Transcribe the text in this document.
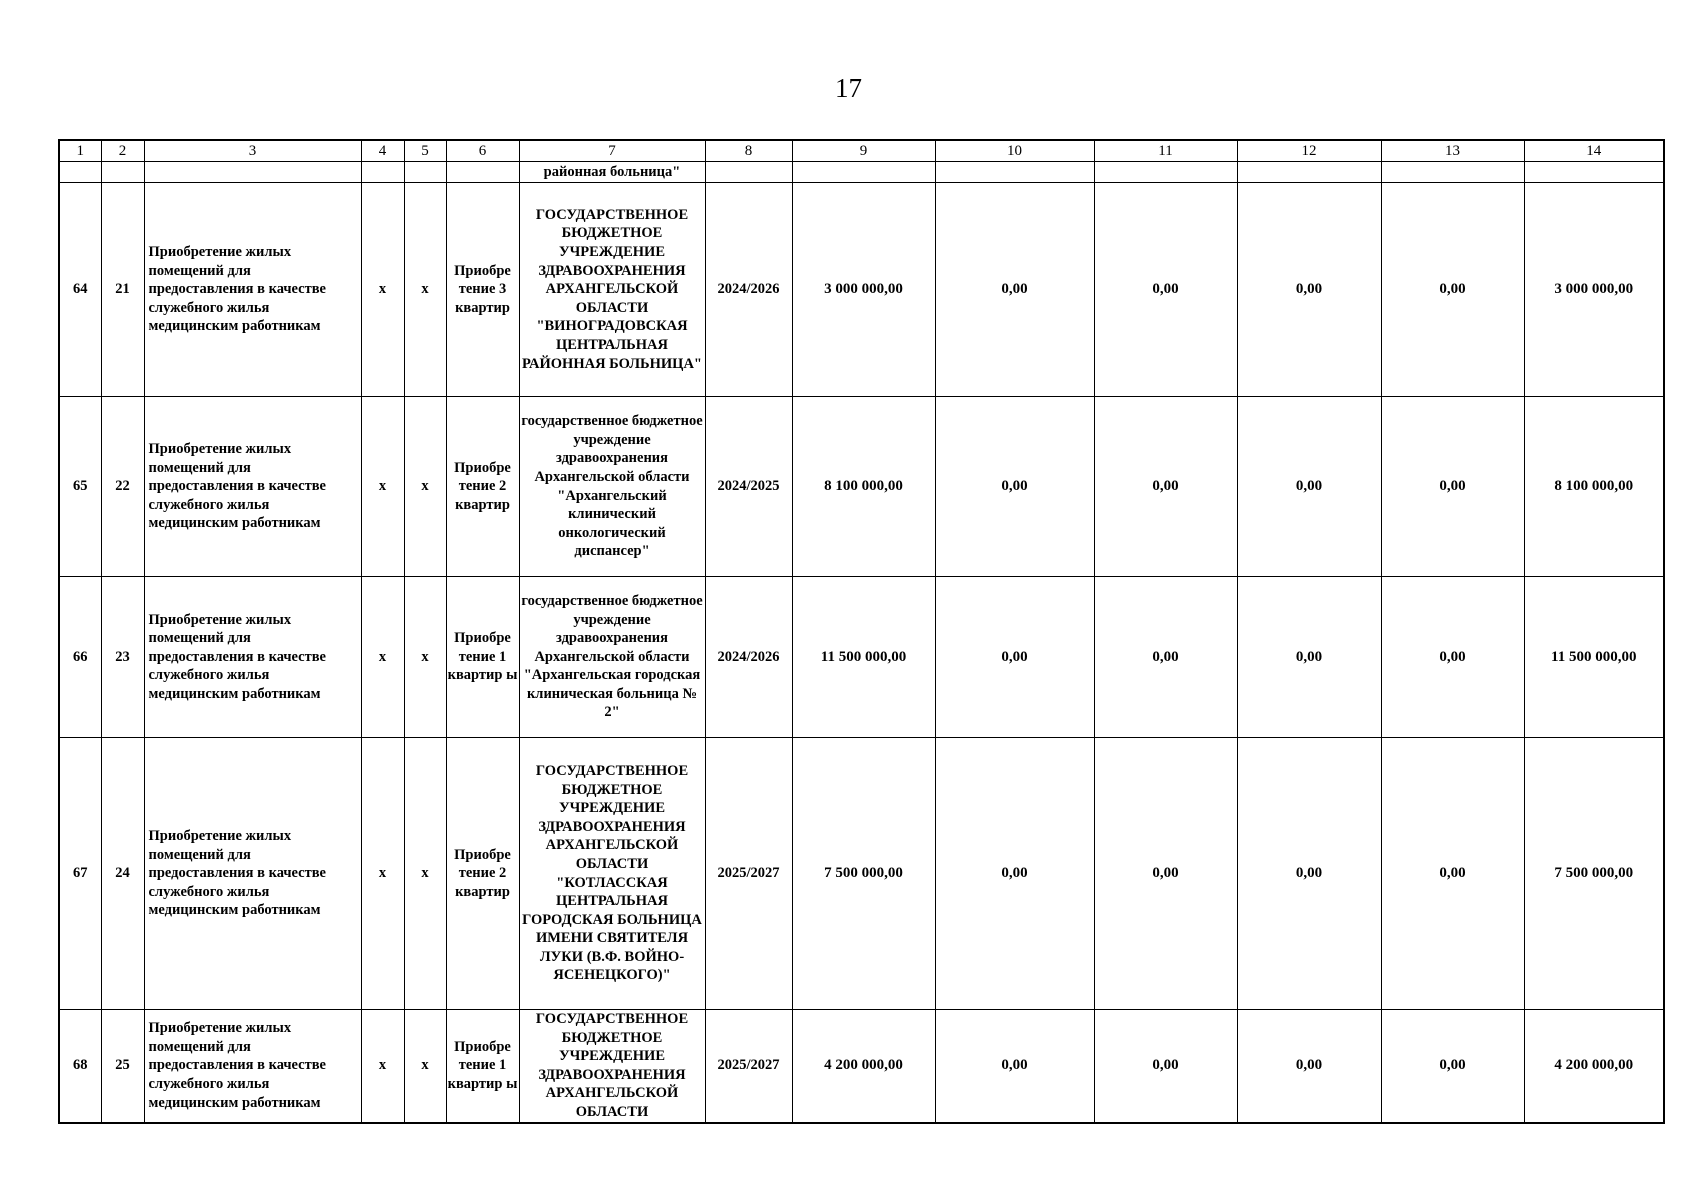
17
1	2	3	4	5	6	7	8	9	10	11	12	13	14
						районная больница"							
64	21	Приобретение жилых помещений для предоставления в качестве служебного жилья медицинским работникам	х	х	Приобре тение 3 квартир	ГОСУДАРСТВЕННОЕ БЮДЖЕТНОЕ УЧРЕЖДЕНИЕ ЗДРАВООХРАНЕНИЯ АРХАНГЕЛЬСКОЙ ОБЛАСТИ "ВИНОГРАДОВСКАЯ ЦЕНТРАЛЬНАЯ РАЙОННАЯ БОЛЬНИЦА"	2024/2026	3 000 000,00	0,00	0,00	0,00	0,00	3 000 000,00
65	22	Приобретение жилых помещений для предоставления в качестве служебного жилья медицинским работникам	х	х	Приобре тение 2 квартир	государственное бюджетное учреждение здравоохранения Архангельской области "Архангельский клинический онкологический диспансер"	2024/2025	8 100 000,00	0,00	0,00	0,00	0,00	8 100 000,00
66	23	Приобретение жилых помещений для предоставления в качестве служебного жилья медицинским работникам	х	х	Приобре тение 1 квартир ы	государственное бюджетное учреждение здравоохранения Архангельской области "Архангельская городская клиническая больница № 2"	2024/2026	11 500 000,00	0,00	0,00	0,00	0,00	11 500 000,00
67	24	Приобретение жилых помещений для предоставления в качестве служебного жилья медицинским работникам	х	х	Приобре тение 2 квартир	ГОСУДАРСТВЕННОЕ БЮДЖЕТНОЕ УЧРЕЖДЕНИЕ ЗДРАВООХРАНЕНИЯ АРХАНГЕЛЬСКОЙ ОБЛАСТИ "КОТЛАССКАЯ ЦЕНТРАЛЬНАЯ ГОРОДСКАЯ БОЛЬНИЦА ИМЕНИ СВЯТИТЕЛЯ ЛУКИ (В.Ф. ВОЙНО-ЯСЕНЕЦКОГО)"	2025/2027	7 500 000,00	0,00	0,00	0,00	0,00	7 500 000,00
68	25	Приобретение жилых помещений для предоставления в качестве служебного жилья медицинским работникам	х	х	Приобре тение 1 квартир ы	ГОСУДАРСТВЕННОЕ БЮДЖЕТНОЕ УЧРЕЖДЕНИЕ ЗДРАВООХРАНЕНИЯ АРХАНГЕЛЬСКОЙ ОБЛАСТИ	2025/2027	4 200 000,00	0,00	0,00	0,00	0,00	4 200 000,00
